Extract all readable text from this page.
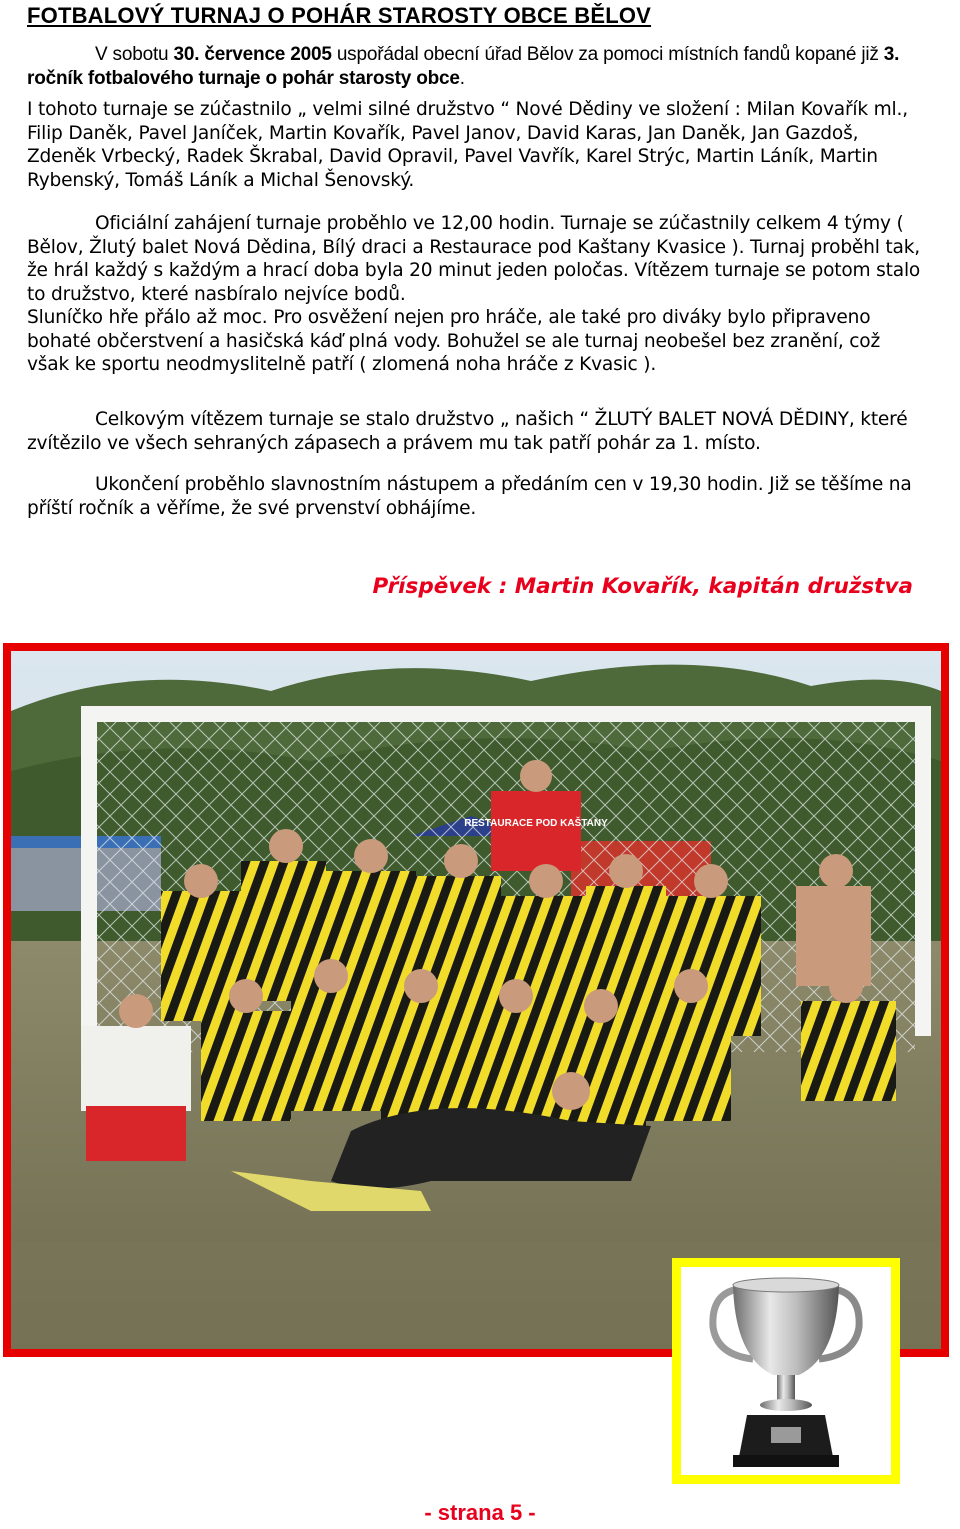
FOTBALOVÝ TURNAJ O POHÁR STAROSTY OBCE BĚLOV
V sobotu 30. července 2005 uspořádal obecní úřad Bělov za pomoci místních fandů kopané již 3. ročník fotbalového turnaje o pohár starosty obce.
I tohoto turnaje se zúčastnilo „ velmi silné družstvo “ Nové Dědiny ve složení : Milan Kovařík ml., Filip Daněk, Pavel Janíček, Martin Kovařík, Pavel Janov, David Karas, Jan Daněk, Jan Gazdoš, Zdeněk Vrbecký, Radek Škrabal, David Opravil, Pavel Vavřík, Karel Strýc, Martin Láník, Martin Rybenský, Tomáš Láník a Michal Šenovský.
Oficiální zahájení turnaje proběhlo ve 12,00 hodin. Turnaje se zúčastnily celkem 4 týmy ( Bělov, Žlutý balet Nová Dědina, Bílý draci a Restaurace pod Kaštany Kvasice ). Turnaj proběhl tak, že hrál každý s každým a hrací doba byla 20 minut jeden poločas. Vítězem turnaje se potom stalo to družstvo, které nasbíralo nejvíce bodů.
Sluníčko hře přálo až moc. Pro osvěžení nejen pro hráče, ale také pro diváky bylo připraveno bohaté občerstvení a hasičská káď plná vody. Bohužel se ale turnaj neobešel bez zranění, což však ke sportu neodmyslitelně patří ( zlomená noha hráče z Kvasic ).
Celkovým vítězem turnaje se stalo družstvo „ našich “ ŽLUTÝ BALET NOVÁ DĚDINY, které zvítězilo ve všech sehraných zápasech a právem mu tak patří pohár za 1. místo.
Ukončení proběhlo slavnostním nástupem a předáním cen v 19,30 hodin. Již se těšíme na příští ročník a věříme, že své prvenství obhájíme.
Příspěvek : Martin Kovařík, kapitán družstva
RESTAURACE POD KAŠTANY
- strana 5 -
